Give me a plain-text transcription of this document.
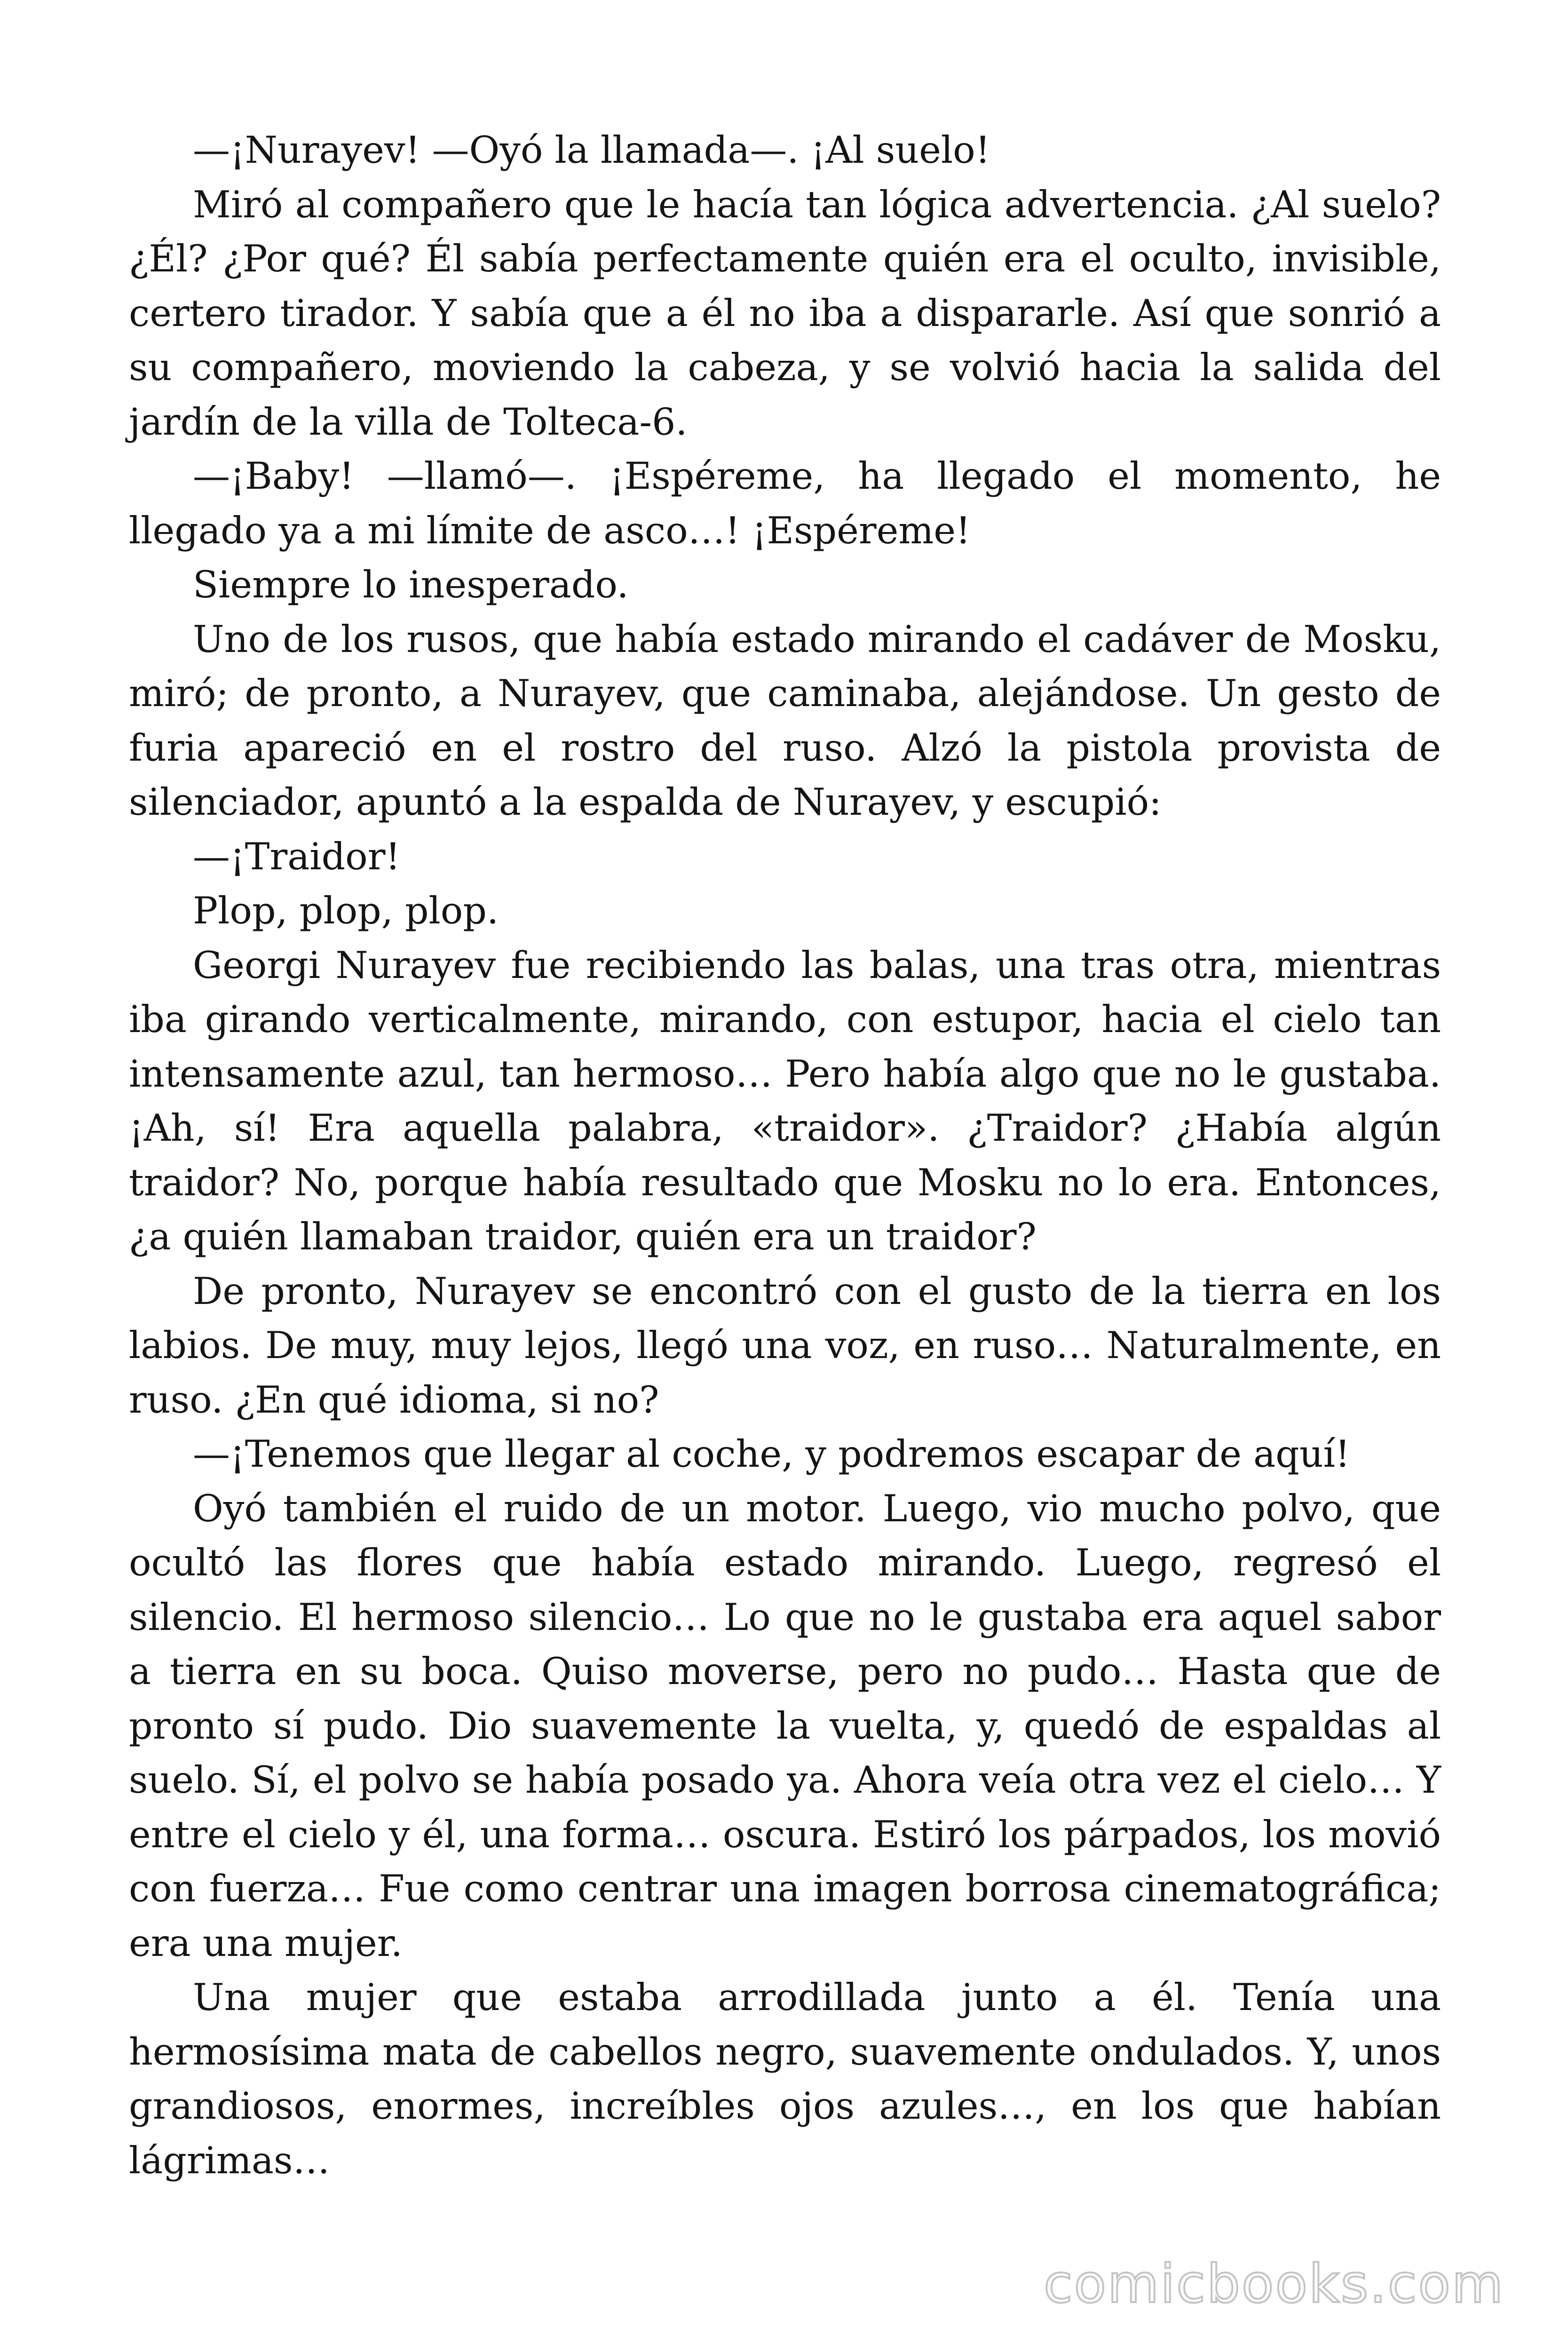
—¡Nurayev! —Oyó la llamada—. ¡Al suelo!

Miró al compañero que le hacía tan lógica advertencia. ¿Al suelo? ¿Él? ¿Por qué? Él sabía perfectamente quién era el oculto, invisible, certero tirador. Y sabía que a él no iba a dispararle. Así que sonrió a su compañero, moviendo la cabeza, y se volvió hacia la salida del jardín de la villa de Tolteca-6.

—¡Baby! —llamó—. ¡Espéreme, ha llegado el momento, he llegado ya a mi límite de asco…! ¡Espéreme!

Siempre lo inesperado.

Uno de los rusos, que había estado mirando el cadáver de Mosku, miró; de pronto, a Nurayev, que caminaba, alejándose. Un gesto de furia apareció en el rostro del ruso. Alzó la pistola provista de silenciador, apuntó a la espalda de Nurayev, y escupió:

—¡Traidor!

Plop, plop, plop.

Georgi Nurayev fue recibiendo las balas, una tras otra, mientras iba girando verticalmente, mirando, con estupor, hacia el cielo tan intensamente azul, tan hermoso… Pero había algo que no le gustaba. ¡Ah, sí! Era aquella palabra, «traidor». ¿Traidor? ¿Había algún traidor? No, porque había resultado que Mosku no lo era. Entonces, ¿a quién llamaban traidor, quién era un traidor?

De pronto, Nurayev se encontró con el gusto de la tierra en los labios. De muy, muy lejos, llegó una voz, en ruso… Naturalmente, en ruso. ¿En qué idioma, si no?

—¡Tenemos que llegar al coche, y podremos escapar de aquí!

Oyó también el ruido de un motor. Luego, vio mucho polvo, que ocultó las flores que había estado mirando. Luego, regresó el silencio. El hermoso silencio… Lo que no le gustaba era aquel sabor a tierra en su boca. Quiso moverse, pero no pudo… Hasta que de pronto sí pudo. Dio suavemente la vuelta, y, quedó de espaldas al suelo. Sí, el polvo se había posado ya. Ahora veía otra vez el cielo… Y entre el cielo y él, una forma… oscura. Estiró los párpados, los movió con fuerza… Fue como centrar una imagen borrosa cinematográfica; era una mujer.

Una mujer que estaba arrodillada junto a él. Tenía una hermosísima mata de cabellos negro, suavemente ondulados. Y, unos grandiosos, enormes, increíbles ojos azules…, en los que habían lágrimas…

comicbooks.com
